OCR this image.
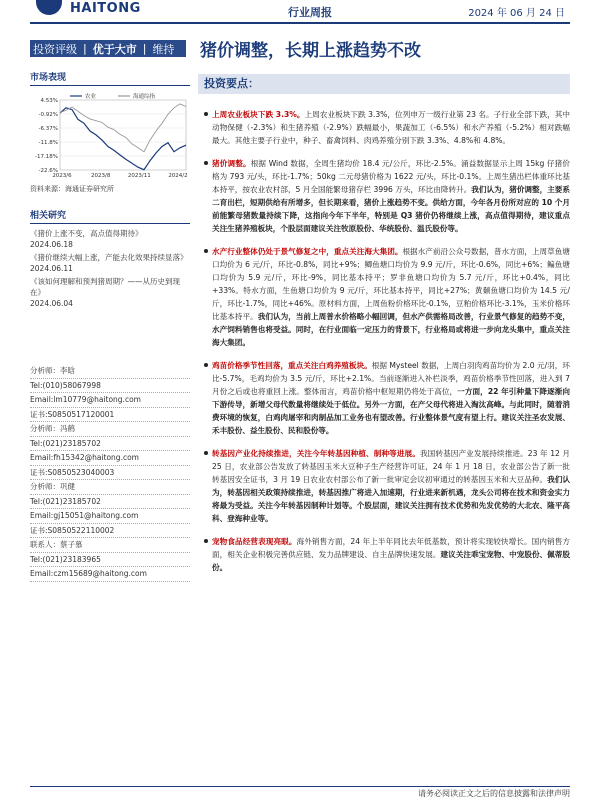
HAITONG	行业周报	2024 年 06 月 24 日
投资评级 | 优于大市 | 维持 猪价调整，长期上涨趋势不改
市场表现
4.53%
-0.92%
-6.37%
-11.8%
-17.18%
-22.6%
2023/6	2023/8	2023/11	2024/2
农业	海通综指
资料来源：海通证券研究所
相关研究
《猪价上涨不变，高点值得期待》
2024.06.18
《猪价继续大幅上涨，产能去化效果持续显落》
2024.06.11
《该如何理解和预判猪周期？——从历史到现在》
2024.06.04
分析师：李晗
Tel:(010)58067998
Email:lm10779@haitong.com
证书:S0850517120001
分析师：冯鹤
Tel:(021)23185702
Email:fh15342@haitong.com
证书:S0850523040003
分析师：巩健
Tel:(021)23185702
Email:gj15051@haitong.com
证书:S0850522110002
联系人：蔡子慕
Tel:(021)23183965
Email:czm15689@haitong.com
投资要点：
上周农业板块下跌 3.3%。上周农业板块下跌 3.3%，位列申万一级行业第 23 名。子行业全部下跌，其中动物保健（-2.3%）和生猪养殖（-2.9%）跌幅最小，果蔬加工（-6.5%）和水产养殖（-5.2%）相对跌幅最大。其他主要子行业中，种子、畜禽饲料、肉鸡养殖分别下跌 3.3%、4.8%和 4.8%。
猪价调整。根据 Wind 数据，全周生猪均价 18.4 元/公斤，环比-2.5%。涌益数据显示上周 15kg 仔猪价格为 793 元/头，环比-1.7%；50kg 二元母猪价格为 1622 元/头，环比-0.1%。上周生猪出栏体重环比基本持平，按农业农村部，5 月全国能繁母猪存栏 3996 万头，环比由降转升。我们认为，猪价调整，主要系二育出栏，短期供给有所增多，但长期来看，猪价上涨趋势不变。供给方面，今年各月份所对应的 10 个月前能繁母猪数量持续下降，这指向今年下半年，特别是 Q3 猪价仍将继续上涨，高点值得期待，建议重点关注生猪养殖板块，个股层面建议关注牧原股份、华统股份、温氏股份等。
水产行业整体仍处于景气修复之中，重点关注海大集团。根据水产前沿公众号数据，普水方面，上周草鱼塘口均价为 6 元/斤，环比-0.8%，同比+9%；鲫鱼塘口均价为 9.9 元/斤，环比-0.6%，同比+6%；鳊鱼塘口均价为 5.9 元/斤，环比-9%，同比基本持平；罗非鱼塘口均价为 5.7 元/斤，环比+0.4%，同比+33%。特水方面，生鱼塘口均价为 9 元/斤，环比基本持平，同比+27%；黄颡鱼塘口均价为 14.5 元/斤，环比-1.7%，同比+46%。原材料方面，上周鱼粉价格环比-0.1%，豆粕价格环比-3.1%，玉米价格环比基本持平。我们认为，当前上周普水价格略小幅回调，但水产供需格局改善，行业景气修复的趋势不变，水产饲料销售也将受益。同时，在行业面临一定压力的背景下，行业格局或将进一步向龙头集中，重点关注海大集团。
鸡苗价格季节性回落，重点关注白鸡养殖板块。根据 Mysteel 数据，上周白羽肉鸡苗均价为 2.0 元/羽，环比-5.7%，毛鸡均价为 3.5 元/斤，环比+2.1%。当前逐渐进入补栏淡季，鸡苗价格季节性回落，进入到 7 月份之后或也将重回上涨。整体而言，鸡苗价格中枢短期仍将处于高位，一方面，22 年引种量下降逐渐向下游传导，新增父母代数量将继续处于低位。另外一方面，在产父母代将进入淘汰高峰。与此同时，随着消费环境的恢复，白鸡肉屠宰和肉制品加工业务也有望改善。行业整体景气度有望上行。建议关注圣农发展、禾丰股份、益生股份、民和股份等。
转基因产业化持续推进，关注今年转基因种植、制种等进展。我国转基因产业发展持续推进。23 年 12 月 25 日，农业部公告发放了转基因玉米大豆种子生产经营许可证，24 年 1 月 18 日，农业部公告了新一批转基因安全证书，3 月 19 日农业农村部公布了新一批审定会议初审通过的转基因玉米和大豆品种。我们认为，转基因相关政策持续推进，转基因推广将进入加速期，行业进来新机遇，龙头公司将在技术和资金实力将最为受益。关注今年转基因制种计划等。个股层面，建议关注拥有技术优势和先发优势的大北农、隆平高科、登海种业等。
宠物食品经营表现亮眼。海外销售方面，24 年上半年同比去年低基数，预计将实现较快增长。国内销售方面，相关企业积极完善供应链、发力品牌建设、自主品牌快速发展。建议关注乖宝宠物、中宠股份、佩蒂股份。
请务必阅读正文之后的信息披露和法律声明
